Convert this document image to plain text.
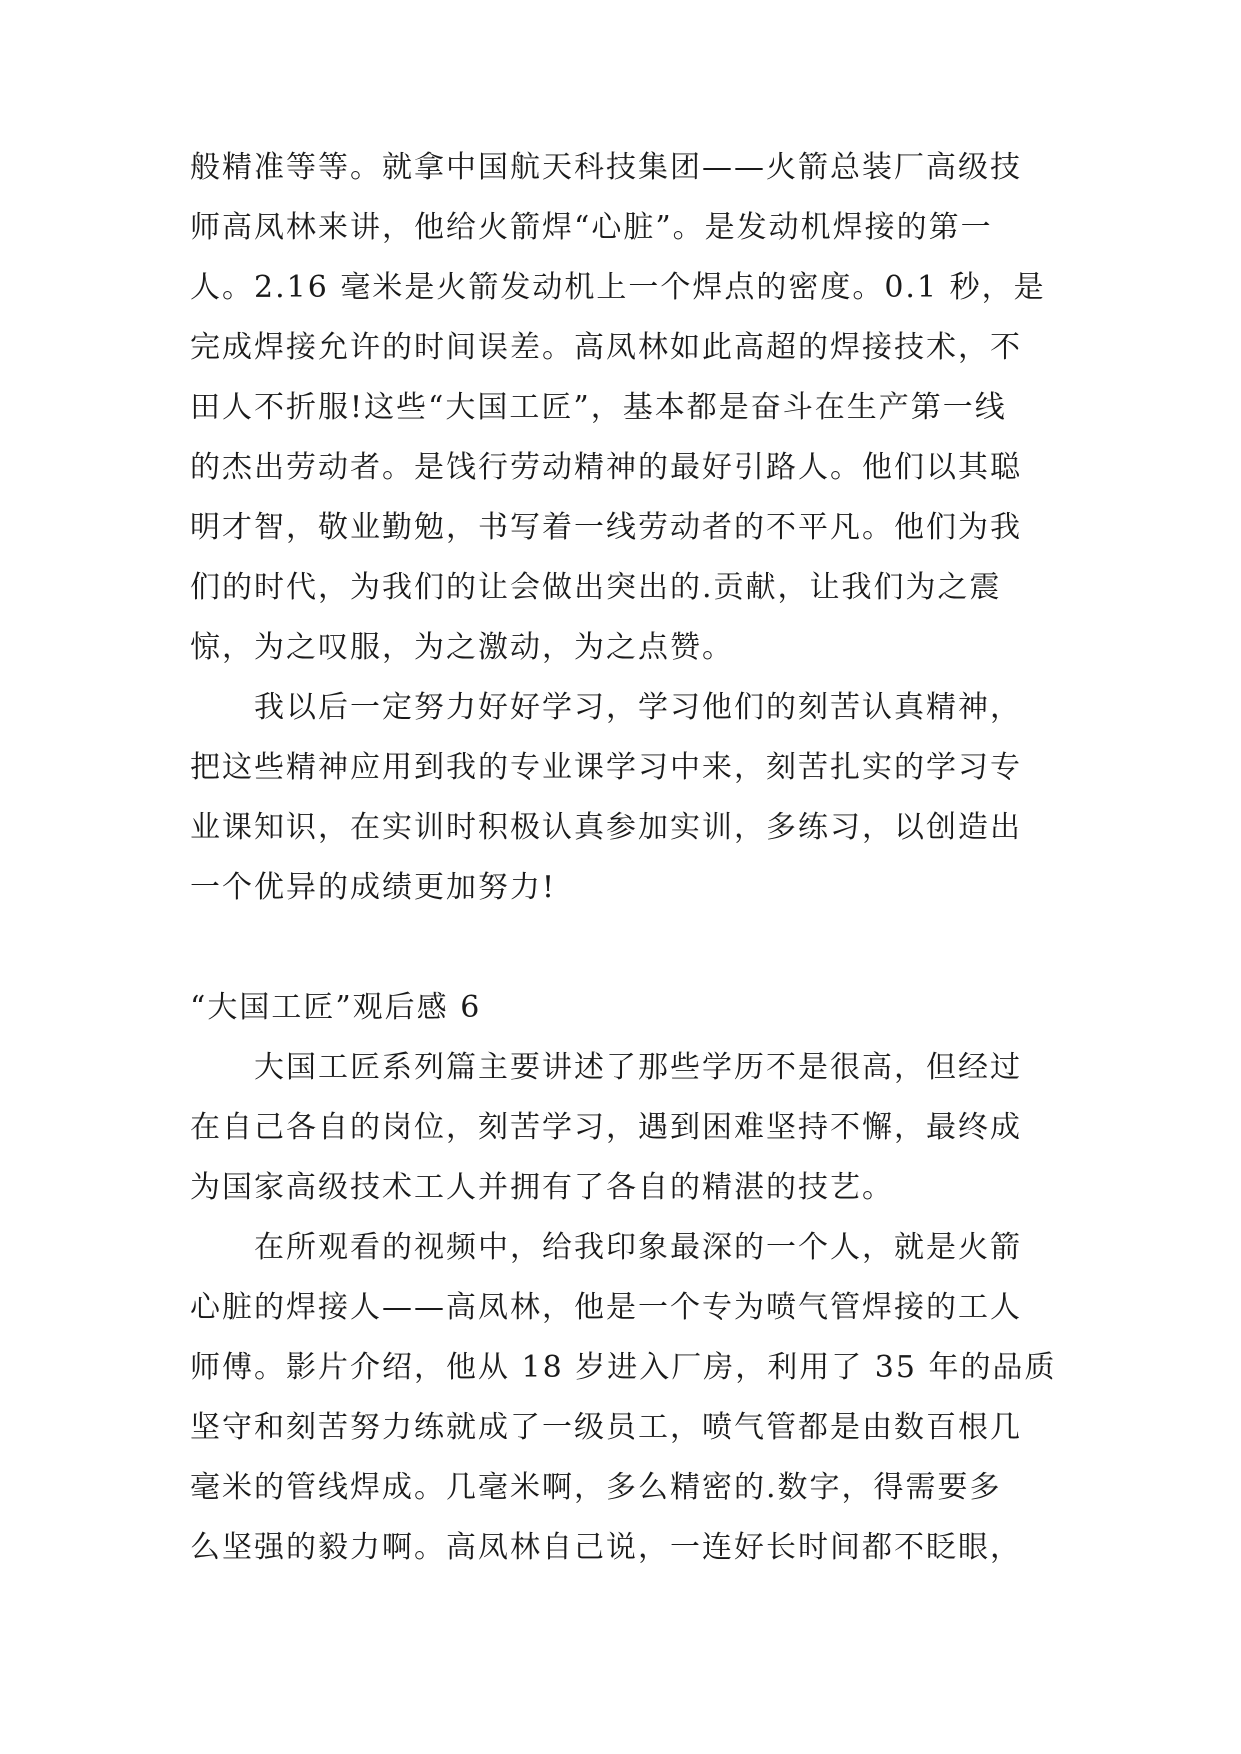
般精准等等。就拿中国航天科技集团——火箭总装厂高级技
师高凤林来讲，他给火箭焊“心脏”。是发动机焊接的第一
人。2.16 毫米是火箭发动机上一个焊点的密度。0.1 秒，是
完成焊接允许的时间误差。高凤林如此高超的焊接技术，不
田人不折服!这些“大国工匠”，基本都是奋斗在生产第一线
的杰出劳动者。是饯行劳动精神的最好引路人。他们以其聪
明才智，敬业勤勉，书写着一线劳动者的不平凡。他们为我
们的时代，为我们的让会做出突出的.贡献，让我们为之震
惊，为之叹服，为之激动，为之点赞。
我以后一定努力好好学习，学习他们的刻苦认真精神，
把这些精神应用到我的专业课学习中来，刻苦扎实的学习专
业课知识，在实训时积极认真参加实训，多练习，以创造出
一个优异的成绩更加努力!
“大国工匠”观后感 6
大国工匠系列篇主要讲述了那些学历不是很高，但经过
在自己各自的岗位，刻苦学习，遇到困难坚持不懈，最终成
为国家高级技术工人并拥有了各自的精湛的技艺。
在所观看的视频中，给我印象最深的一个人，就是火箭
心脏的焊接人——高凤林，他是一个专为喷气管焊接的工人
师傅。影片介绍，他从 18 岁进入厂房，利用了 35 年的品质
坚守和刻苦努力练就成了一级员工，喷气管都是由数百根几
毫米的管线焊成。几毫米啊，多么精密的.数字，得需要多
么坚强的毅力啊。高凤林自己说，一连好长时间都不眨眼，
